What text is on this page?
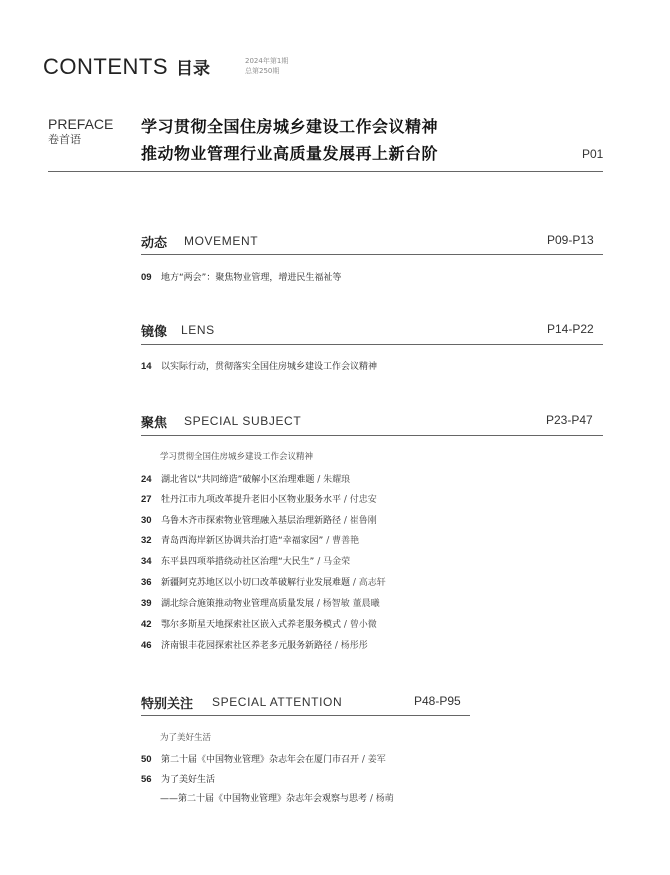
CONTENTS 目录	2024年第1期
总第250期
PREFACE
卷首语
学习贯彻全国住房城乡建设工作会议精神
推动物业管理行业高质量发展再上新台阶	P01
动态 MOVEMENT	P09-P13
09 地方“两会”：聚焦物业管理，增进民生福祉等
镜像 LENS	P14-P22
14 以实际行动，贯彻落实全国住房城乡建设工作会议精神
聚焦 SPECIAL SUBJECT	P23-P47
学习贯彻全国住房城乡建设工作会议精神
24 湖北省以“共同缔造”破解小区治理难题 / 朱耀琅
27 牡丹江市九项改革提升老旧小区物业服务水平 / 付忠安
30 乌鲁木齐市探索物业管理融入基层治理新路径 / 崔鲁刚
32 青岛西海岸新区协调共治打造“幸福家园” / 曹善艳
34 东平县四项举措绕动社区治理“大民生” / 马金荣
36 新疆阿克苏地区以小切口改革破解行业发展难题 / 高志轩
39 湖北综合施策推动物业管理高质量发展 / 杨智敏 董晨曦
42 鄂尔多斯星天地探索社区嵌入式养老服务模式 / 曾小微
46 济南银丰花园探索社区养老多元服务新路径 / 杨彤彤
特别关注 SPECIAL ATTENTION	P48-P95
为了美好生活
50 第二十届《中国物业管理》杂志年会在厦门市召开 / 姜军
56 为了美好生活
——第二十届《中国物业管理》杂志年会观察与思考 / 杨萌
